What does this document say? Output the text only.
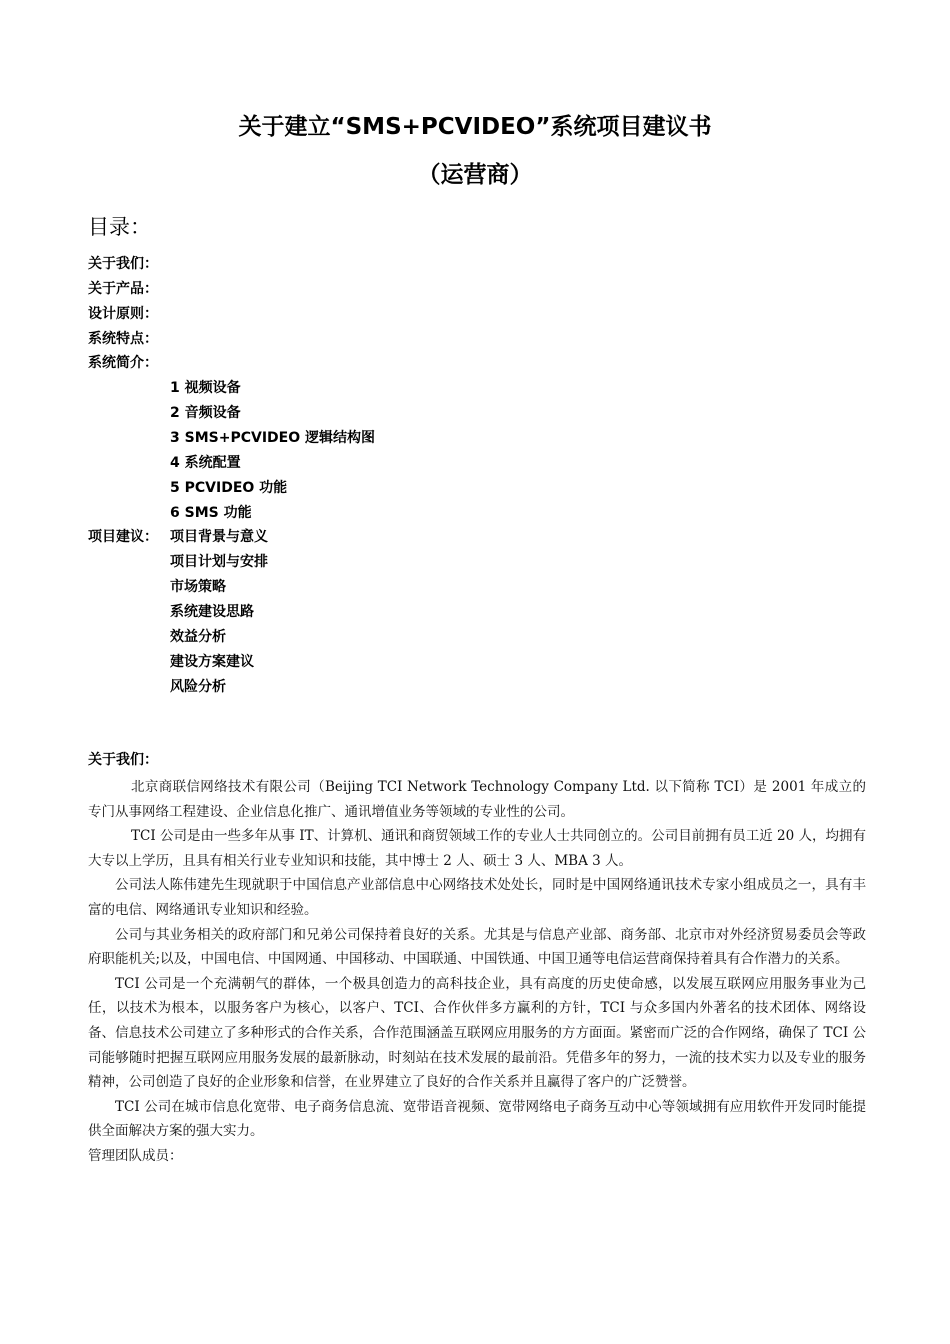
关于建立“SMS+PCVIDEO”系统项目建议书
（运营商）
目录：
关于我们：
关于产品：
设计原则：
系统特点：
系统简介：
1 视频设备
2 音频设备
3 SMS+PCVIDEO 逻辑结构图
4 系统配置
5 PCVIDEO 功能
6 SMS 功能
项目建议： 项目背景与意义
项目计划与安排
市场策略
系统建设思路
效益分析
建设方案建议
风险分析
关于我们：

北京商联信网络技术有限公司（Beijing TCI Network Technology Company Ltd. 以下简称 TCI）是 2001 年成立的专门从事网络工程建设、企业信息化推广、通讯增值业务等领域的专业性的公司。

TCI 公司是由一些多年从事 IT、计算机、通讯和商贸领域工作的专业人士共同创立的。公司目前拥有员工近 20 人，均拥有大专以上学历，且具有相关行业专业知识和技能，其中博士 2 人、硕士 3 人、MBA 3 人。

公司法人陈伟建先生现就职于中国信息产业部信息中心网络技术处处长，同时是中国网络通讯技术专家小组成员之一，具有丰富的电信、网络通讯专业知识和经验。

公司与其业务相关的政府部门和兄弟公司保持着良好的关系。尤其是与信息产业部、商务部、北京市对外经济贸易委员会等政府职能机关;以及，中国电信、中国网通、中国移动、中国联通、中国铁通、中国卫通等电信运营商保持着具有合作潜力的关系。

TCI 公司是一个充满朝气的群体，一个极具创造力的高科技企业，具有高度的历史使命感，以发展互联网应用服务事业为己任，以技术为根本，以服务客户为核心，以客户、TCI、合作伙伴多方赢利的方针，TCI 与众多国内外著名的技术团体、网络设备、信息技术公司建立了多种形式的合作关系，合作范围涵盖互联网应用服务的方方面面。紧密而广泛的合作网络，确保了 TCI 公司能够随时把握互联网应用服务发展的最新脉动，时刻站在技术发展的最前沿。凭借多年的努力，一流的技术实力以及专业的服务精神，公司创造了良好的企业形象和信誉，在业界建立了良好的合作关系并且赢得了客户的广泛赞誉。

TCI 公司在城市信息化宽带、电子商务信息流、宽带语音视频、宽带网络电子商务互动中心等领域拥有应用软件开发同时能提供全面解决方案的强大实力。

管理团队成员：
